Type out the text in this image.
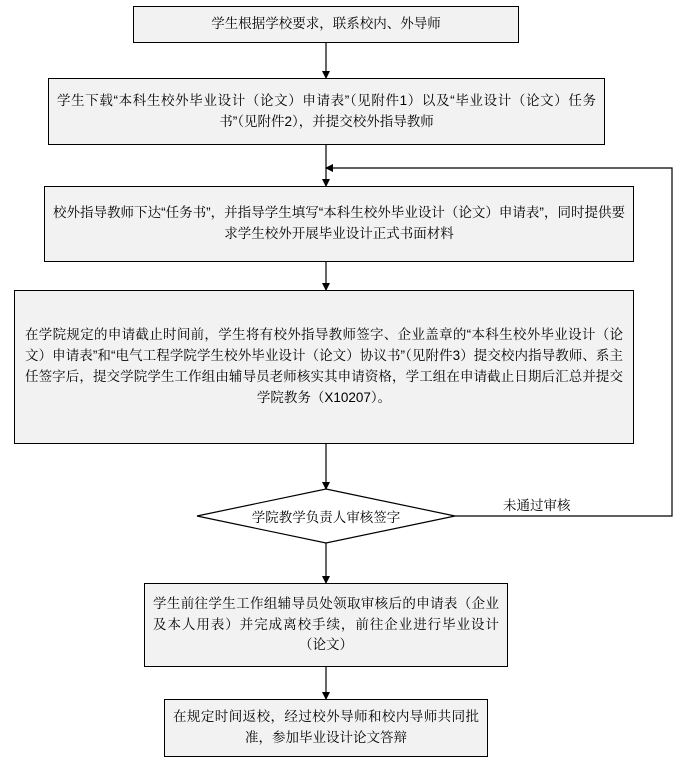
学生根据学校要求，联系校内、外导师
学生下载“本科生校外毕业设计（论文）申请表”（见附件1）以及“毕业设计（论文）任务书”（见附件2），并提交校外指导教师
校外指导教师下达“任务书”，并指导学生填写“本科生校外毕业设计（论文）申请表”，同时提供要求学生校外开展毕业设计正式书面材料
在学院规定的申请截止时间前，学生将有校外指导教师签字、企业盖章的“本科生校外毕业设计（论文）申请表”和“电气工程学院学生校外毕业设计（论文）协议书”（见附件3）提交校内指导教师、系主任签字后，提交学院学生工作组由辅导员老师核实其申请资格，学工组在申请截止日期后汇总并提交学院教务（X10207）。
学院教学负责人审核签字
未通过审核
学生前往学生工作组辅导员处领取审核后的申请表（企业及本人用表）并完成离校手续，前往企业进行毕业设计（论文）
在规定时间返校，经过校外导师和校内导师共同批准，参加毕业设计论文答辩
